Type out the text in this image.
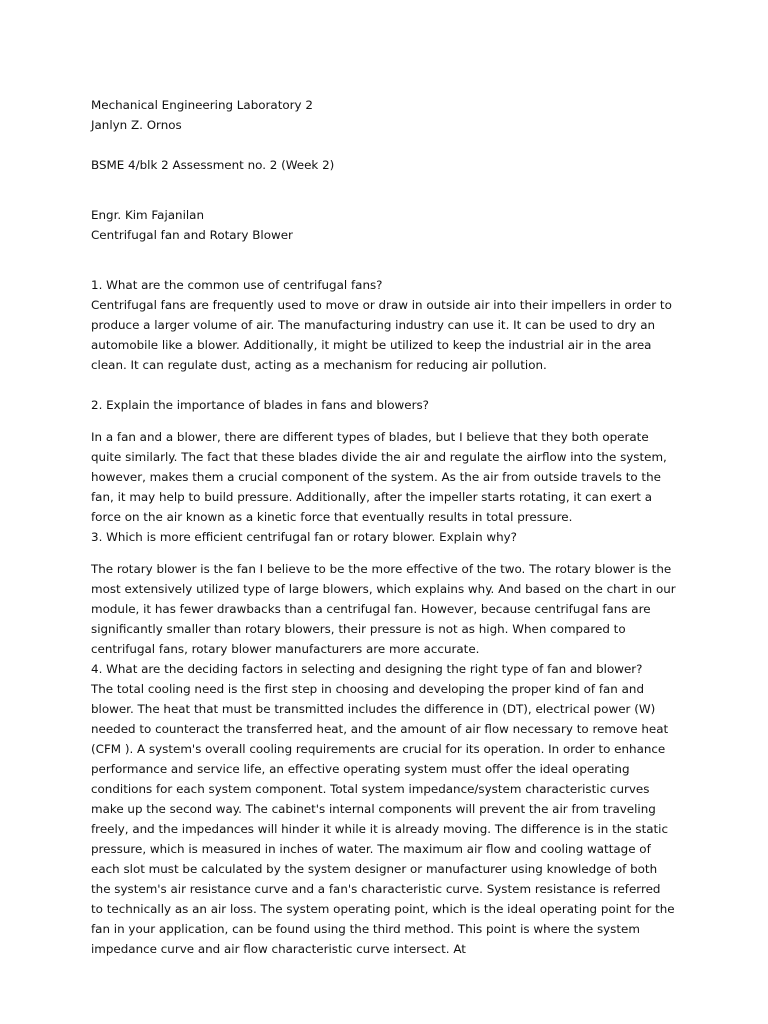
Mechanical Engineering Laboratory 2

Janlyn Z. Ornos

BSME 4/blk 2 Assessment no. 2 (Week 2)

Engr. Kim Fajanilan

Centrifugal fan and Rotary Blower

1. What are the common use of centrifugal fans?

Centrifugal fans are frequently used to move or draw in outside air into their impellers in order to produce a larger volume of air. The manufacturing industry can use it. It can be used to dry an automobile like a blower. Additionally, it might be utilized to keep the industrial air in the area clean. It can regulate dust, acting as a mechanism for reducing air pollution.

2. Explain the importance of blades in fans and blowers?

In a fan and a blower, there are different types of blades, but I believe that they both operate quite similarly. The fact that these blades divide the air and regulate the airflow into the system, however, makes them a crucial component of the system. As the air from outside travels to the fan, it may help to build pressure. Additionally, after the impeller starts rotating, it can exert a force on the air known as a kinetic force that eventually results in total pressure.

3. Which is more efficient centrifugal fan or rotary blower. Explain why?

The rotary blower is the fan I believe to be the more effective of the two. The rotary blower is the most extensively utilized type of large blowers, which explains why. And based on the chart in our module, it has fewer drawbacks than a centrifugal fan. However, because centrifugal fans are significantly smaller than rotary blowers, their pressure is not as high. When compared to centrifugal fans, rotary blower manufacturers are more accurate.

4. What are the deciding factors in selecting and designing the right type of fan and blower?

The total cooling need is the first step in choosing and developing the proper kind of fan and blower. The heat that must be transmitted includes the difference in (DT), electrical power (W) needed to counteract the transferred heat, and the amount of air flow necessary to remove heat (CFM ). A system's overall cooling requirements are crucial for its operation. In order to enhance performance and service life, an effective operating system must offer the ideal operating conditions for each system component. Total system impedance/system characteristic curves make up the second way. The cabinet's internal components will prevent the air from traveling freely, and the impedances will hinder it while it is already moving. The difference is in the static pressure, which is measured in inches of water. The maximum air flow and cooling wattage of each slot must be calculated by the system designer or manufacturer using knowledge of both the system's air resistance curve and a fan's characteristic curve. System resistance is referred to technically as an air loss. The system operating point, which is the ideal operating point for the fan in your application, can be found using the third method. This point is where the system impedance curve and air flow characteristic curve intersect. At
